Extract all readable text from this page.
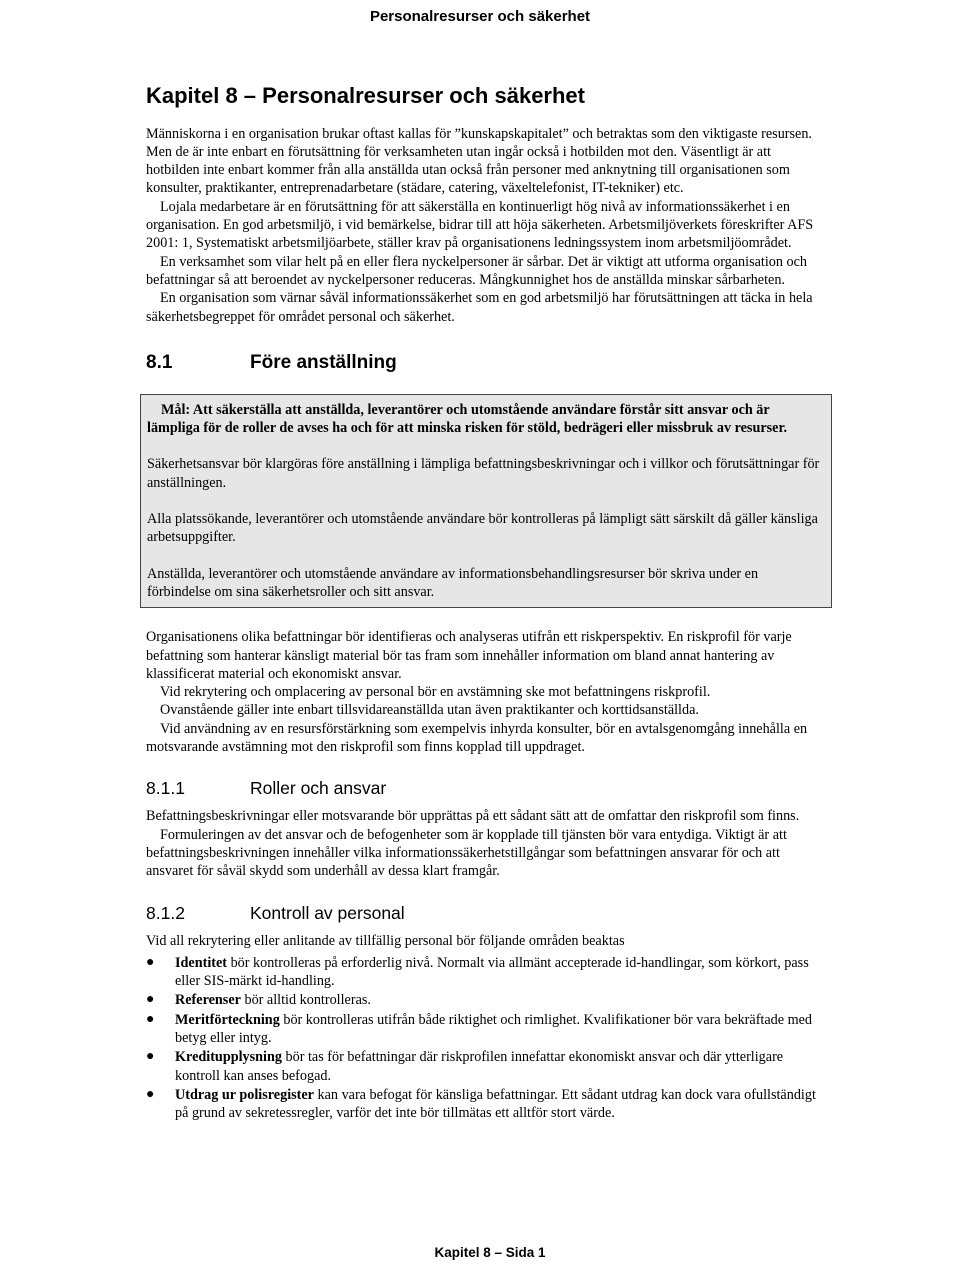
Personalresurser och säkerhet
Kapitel 8 – Personalresurser och säkerhet

Människorna i en organisation brukar oftast kallas för ”kunskapskapitalet” och betraktas som den viktigaste resursen. Men de är inte enbart en förutsättning för verksamheten utan ingår också i hotbilden mot den. Väsentligt är att hotbilden inte enbart kommer från alla anställda utan också från personer med anknytning till organisationen som konsulter, praktikanter, entreprenadarbetare (städare, catering, växeltelefonist, IT-tekniker) etc.

Lojala medarbetare är en förutsättning för att säkerställa en kontinuerligt hög nivå av informationssäkerhet i en organisation. En god arbetsmiljö, i vid bemärkelse, bidrar till att höja säkerheten. Arbetsmiljöverkets föreskrifter AFS 2001: 1, Systematiskt arbetsmiljöarbete, ställer krav på organisationens ledningssystem inom arbetsmiljöområdet.

En verksamhet som vilar helt på en eller flera nyckelpersoner är sårbar. Det är viktigt att utforma organisation och befattningar så att beroendet av nyckelpersoner reduceras. Mångkunnighet hos de anställda minskar sårbarheten.

En organisation som värnar såväl informationssäkerhet som en god arbetsmiljö har förutsättningen att täcka in hela säkerhetsbegreppet för området personal och säkerhet.

8.1	Före anställning

Mål: Att säkerställa att anställda, leverantörer och utomstående användare förstår sitt ansvar och är lämpliga för de roller de avses ha och för att minska risken för stöld, bedrägeri eller missbruk av resurser.

Säkerhetsansvar bör klargöras före anställning i lämpliga befattningsbeskrivningar och i villkor och förutsättningar för anställningen.

Alla platssökande, leverantörer och utomstående användare bör kontrolleras på lämpligt sätt särskilt då gäller känsliga arbetsuppgifter.

Anställda, leverantörer och utomstående användare av informationsbehandlingsresurser bör skriva under en förbindelse om sina säkerhetsroller och sitt ansvar.

Organisationens olika befattningar bör identifieras och analyseras utifrån ett riskperspektiv. En riskprofil för varje befattning som hanterar känsligt material bör tas fram som innehåller information om bland annat hantering av klassificerat material och ekonomiskt ansvar.

Vid rekrytering och omplacering av personal bör en avstämning ske mot befattningens riskprofil.

Ovanstående gäller inte enbart tillsvidareanställda utan även praktikanter och korttidsanställda.

Vid användning av en resursförstärkning som exempelvis inhyrda konsulter, bör en avtalsgenomgång innehålla en motsvarande avstämning mot den riskprofil som finns kopplad till uppdraget.

8.1.1	Roller och ansvar

Befattningsbeskrivningar eller motsvarande bör upprättas på ett sådant sätt att de omfattar den riskprofil som finns.

Formuleringen av det ansvar och de befogenheter som är kopplade till tjänsten bör vara entydiga. Viktigt är att befattningsbeskrivningen innehåller vilka informationssäkerhetstillgångar som befattningen ansvarar för och att ansvaret för såväl skydd som underhåll av dessa klart framgår.

8.1.2	Kontroll av personal

Vid all rekrytering eller anlitande av tillfällig personal bör följande områden beaktas

● Identitet bör kontrolleras på erforderlig nivå. Normalt via allmänt accepterade id-handlingar, som körkort, pass eller SIS-märkt id-handling.
● Referenser bör alltid kontrolleras.
● Meritförteckning bör kontrolleras utifrån både riktighet och rimlighet. Kvalifikationer bör vara bekräftade med betyg eller intyg.
● Kreditupplysning bör tas för befattningar där riskprofilen innefattar ekonomiskt ansvar och där ytterligare kontroll kan anses befogad.
● Utdrag ur polisregister kan vara befogat för känsliga befattningar. Ett sådant utdrag kan dock vara ofullständigt på grund av sekretessregler, varför det inte bör tillmätas ett alltför stort värde.
Kapitel 8 – Sida 1
